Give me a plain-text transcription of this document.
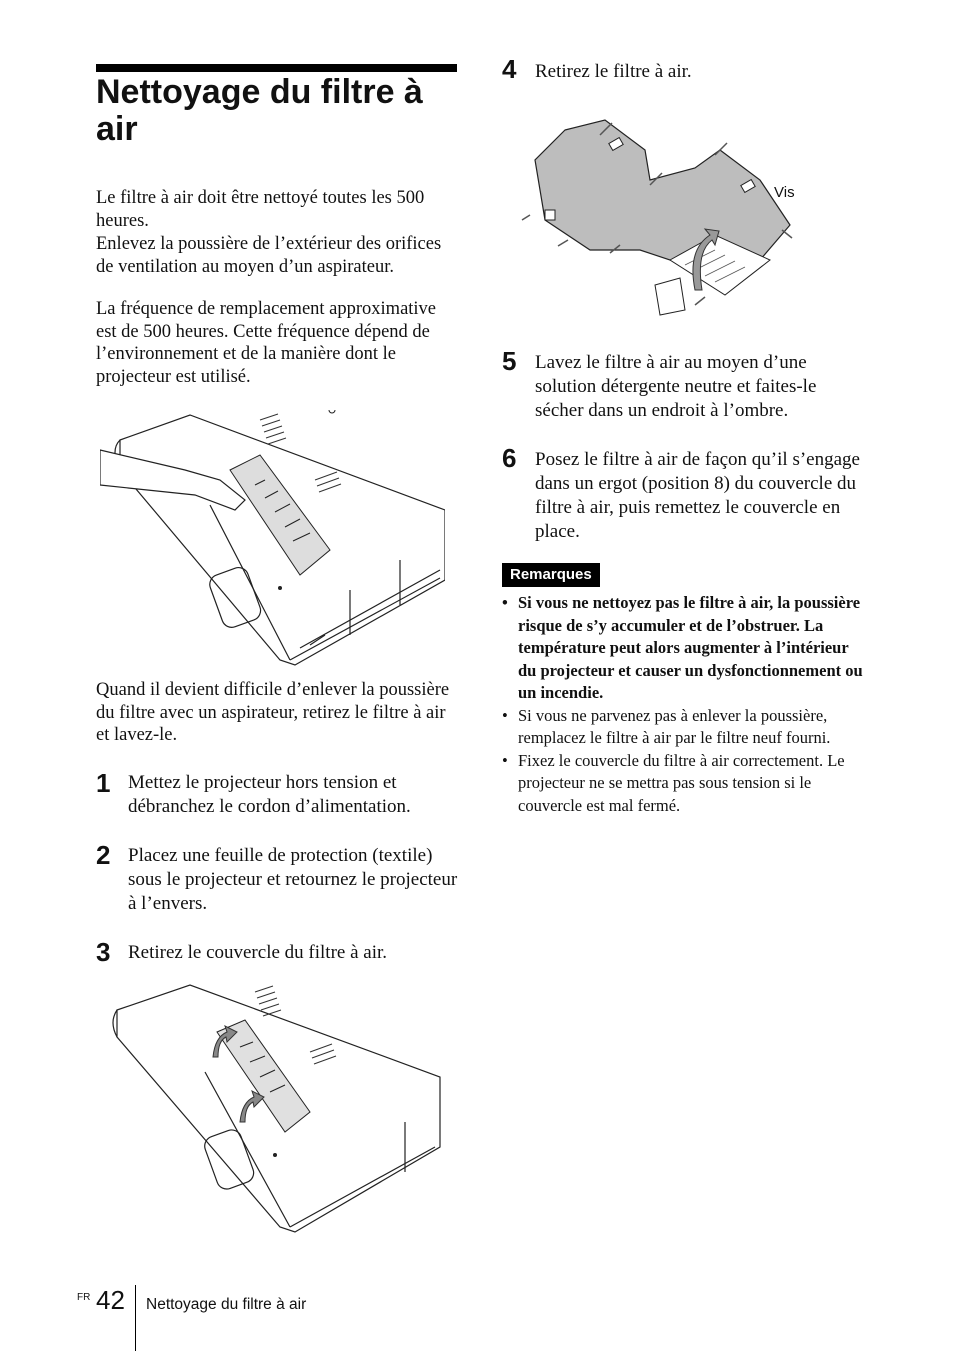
Nettoyage du filtre à air

Le filtre à air doit être nettoyé toutes les 500 heures.

Enlevez la poussière de l’extérieur des orifices de ventilation au moyen d’un aspirateur.

La fréquence de remplacement approximative est de 500 heures. Cette fréquence dépend de l’environnement et de la manière dont le projecteur est utilisé.

Quand il devient difficile d’enlever la poussière du filtre avec un aspirateur, retirez le filtre à air et lavez-le.

1 Mettez le projecteur hors tension et débranchez le cordon d’alimentation.

2 Placez une feuille de protection (textile) sous le projecteur et retournez le projecteur à l’envers.

3 Retirez le couvercle du filtre à air.

4 Retirez le filtre à air.

Vis
5 Lavez le filtre à air au moyen d’une solution détergente neutre et faites-le sécher dans un endroit à l’ombre.

6 Posez le filtre à air de façon qu’il s’engage dans un ergot (position 8) du couvercle du filtre à air, puis remettez le couvercle en place.

Remarques
• Si vous ne nettoyez pas le filtre à air, la poussière risque de s’y accumuler et de l’obstruer. La température peut alors augmenter à l’intérieur du projecteur et causer un dysfonctionnement ou un incendie.
• Si vous ne parvenez pas à enlever la poussière, remplacez le filtre à air par le filtre neuf fourni.
• Fixez le couvercle du filtre à air correctement. Le projecteur ne se mettra pas sous tension si le couvercle est mal fermé.
FR 42 Nettoyage du filtre à air
